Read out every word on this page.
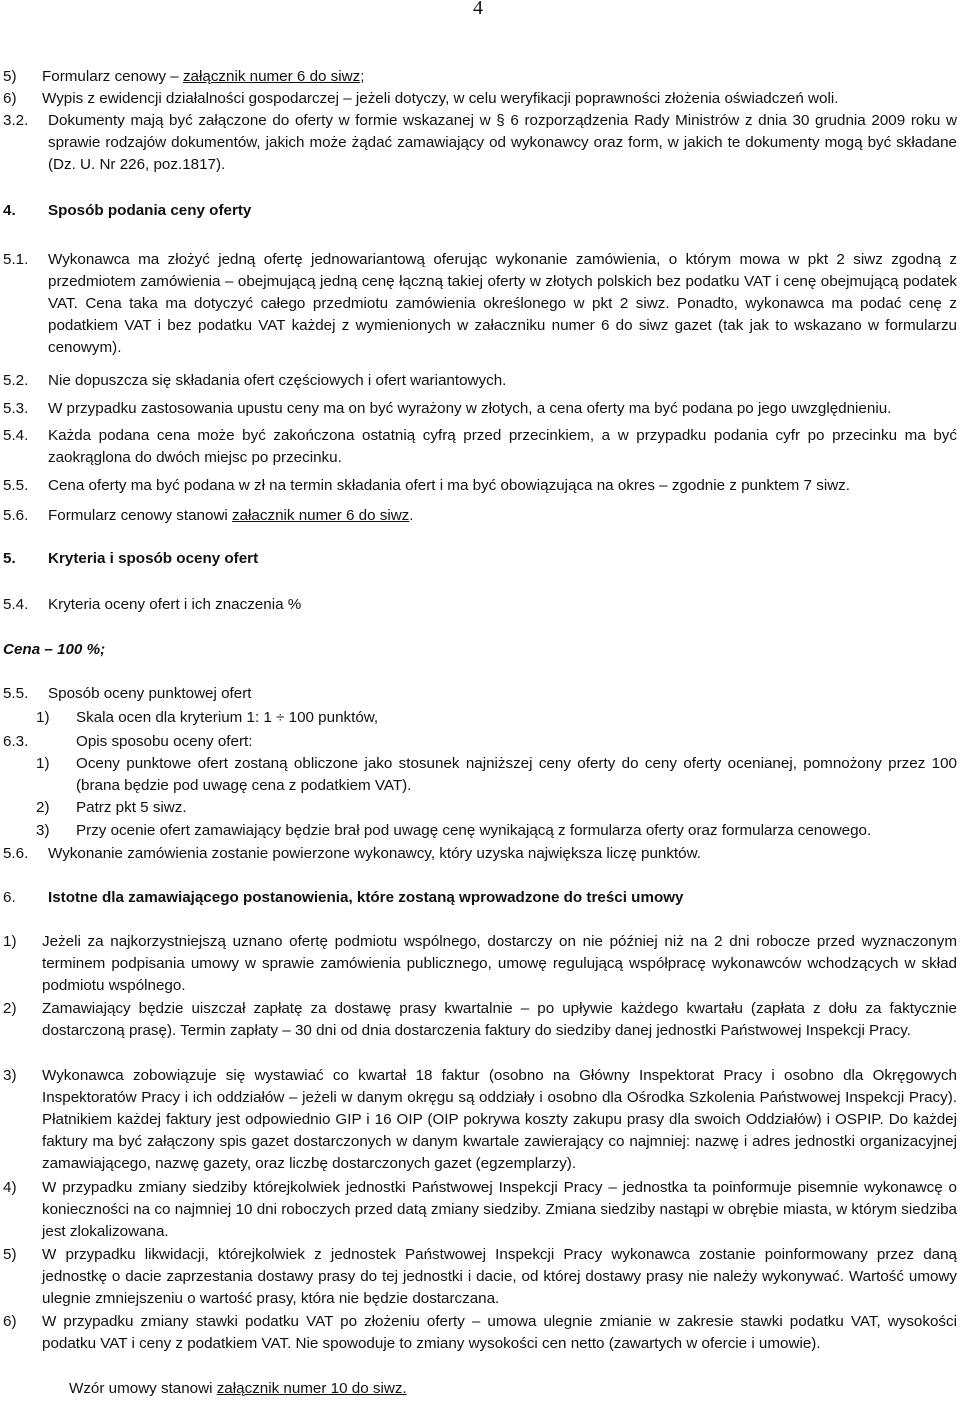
4
5) Formularz cenowy – załącznik numer 6 do siwz;
6) Wypis z ewidencji działalności gospodarczej – jeżeli dotyczy, w celu weryfikacji poprawności złożenia oświadczeń woli.
3.2. Dokumenty mają być załączone do oferty w formie wskazanej w § 6 rozporządzenia Rady Ministrów z dnia 30 grudnia 2009 roku w sprawie rodzajów dokumentów, jakich może żądać zamawiający od wykonawcy oraz form, w jakich te dokumenty mogą być składane (Dz. U. Nr 226, poz.1817).
4. Sposób podania ceny oferty
5.1. Wykonawca ma złożyć jedną ofertę jednowariantową oferując wykonanie zamówienia, o którym mowa w pkt 2 siwz zgodną z przedmiotem zamówienia – obejmującą jedną cenę łączną takiej oferty w złotych polskich bez podatku VAT i cenę obejmującą podatek VAT. Cena taka ma dotyczyć całego przedmiotu zamówienia określonego w pkt 2 siwz. Ponadto, wykonawca ma podać cenę z podatkiem VAT i bez podatku VAT każdej z wymienionych w załaczniku numer 6 do siwz gazet (tak jak to wskazano w formularzu cenowym).
5.2. Nie dopuszcza się składania ofert częściowych i ofert wariantowych.
5.3. W przypadku zastosowania upustu ceny ma on być wyrażony w złotych, a cena oferty ma być podana po jego uwzględnieniu.
5.4. Każda podana cena może być zakończona ostatnią cyfrą przed przecinkiem, a w przypadku podania cyfr po przecinku ma być zaokrąglona do dwóch miejsc po przecinku.
5.5. Cena oferty ma być podana w zł na termin składania ofert i ma być obowiązująca na okres – zgodnie z punktem 7 siwz.
5.6. Formularz cenowy stanowi załacznik numer 6 do siwz.
5. Kryteria i sposób oceny ofert
5.4. Kryteria oceny ofert i ich znaczenia %
Cena – 100 %;
5.5. Sposób oceny punktowej ofert
1) Skala ocen dla kryterium 1: 1 ÷ 100 punktów,
6.3.	Opis sposobu oceny ofert:
1) Oceny punktowe ofert zostaną obliczone jako stosunek najniższej ceny oferty do ceny oferty ocenianej, pomnożony przez 100 (brana będzie pod uwagę cena z podatkiem VAT).
2) Patrz pkt 5 siwz.
3) Przy ocenie ofert zamawiający będzie brał pod uwagę cenę wynikającą z formularza oferty oraz formularza cenowego.
5.6. Wykonanie zamówienia zostanie powierzone wykonawcy, który uzyska największa liczę punktów.
6. Istotne dla zamawiającego postanowienia, które zostaną wprowadzone do treści umowy
1) Jeżeli za najkorzystniejszą uznano ofertę podmiotu wspólnego, dostarczy on nie później niż na 2 dni robocze przed wyznaczonym terminem podpisania umowy w sprawie zamówienia publicznego, umowę regulującą współpracę wykonawców wchodzących w skład podmiotu wspólnego.
2) Zamawiający będzie uiszczał zapłatę za dostawę prasy kwartalnie – po upływie każdego kwartału (zapłata z dołu za faktycznie dostarczoną prasę). Termin zapłaty – 30 dni od dnia dostarczenia faktury do siedziby danej jednostki Państwowej Inspekcji Pracy.
3) Wykonawca zobowiązuje się wystawiać co kwartał 18 faktur (osobno na Główny Inspektorat Pracy i osobno dla Okręgowych Inspektoratów Pracy i ich oddziałów – jeżeli w danym okręgu są oddziały i osobno dla Ośrodka Szkolenia Państwowej Inspekcji Pracy). Płatnikiem każdej faktury jest odpowiednio GIP i 16 OIP (OIP pokrywa koszty zakupu prasy dla swoich Oddziałów) i OSPIP. Do każdej faktury ma być załączony spis gazet dostarczonych w danym kwartale zawierający co najmniej: nazwę i adres jednostki organizacyjnej zamawiającego, nazwę gazety, oraz liczbę dostarczonych gazet (egzemplarzy).
4) W przypadku zmiany siedziby którejkolwiek jednostki Państwowej Inspekcji Pracy – jednostka ta poinformuje pisemnie wykonawcę o konieczności na co najmniej 10 dni roboczych przed datą zmiany siedziby. Zmiana siedziby nastąpi w obrębie miasta, w którym siedziba jest zlokalizowana.
5) W przypadku likwidacji, którejkolwiek z jednostek Państwowej Inspekcji Pracy wykonawca zostanie poinformowany przez daną jednostkę o dacie zaprzestania dostawy prasy do tej jednostki i dacie, od której dostawy prasy nie należy wykonywać. Wartość umowy ulegnie zmniejszeniu o wartość prasy, która nie będzie dostarczana.
6) W przypadku zmiany stawki podatku VAT po złożeniu oferty – umowa ulegnie zmianie w zakresie stawki podatku VAT, wysokości podatku VAT i ceny z podatkiem VAT. Nie spowoduje to zmiany wysokości cen netto (zawartych w ofercie i umowie).
Wzór umowy stanowi załącznik numer 10 do siwz.
